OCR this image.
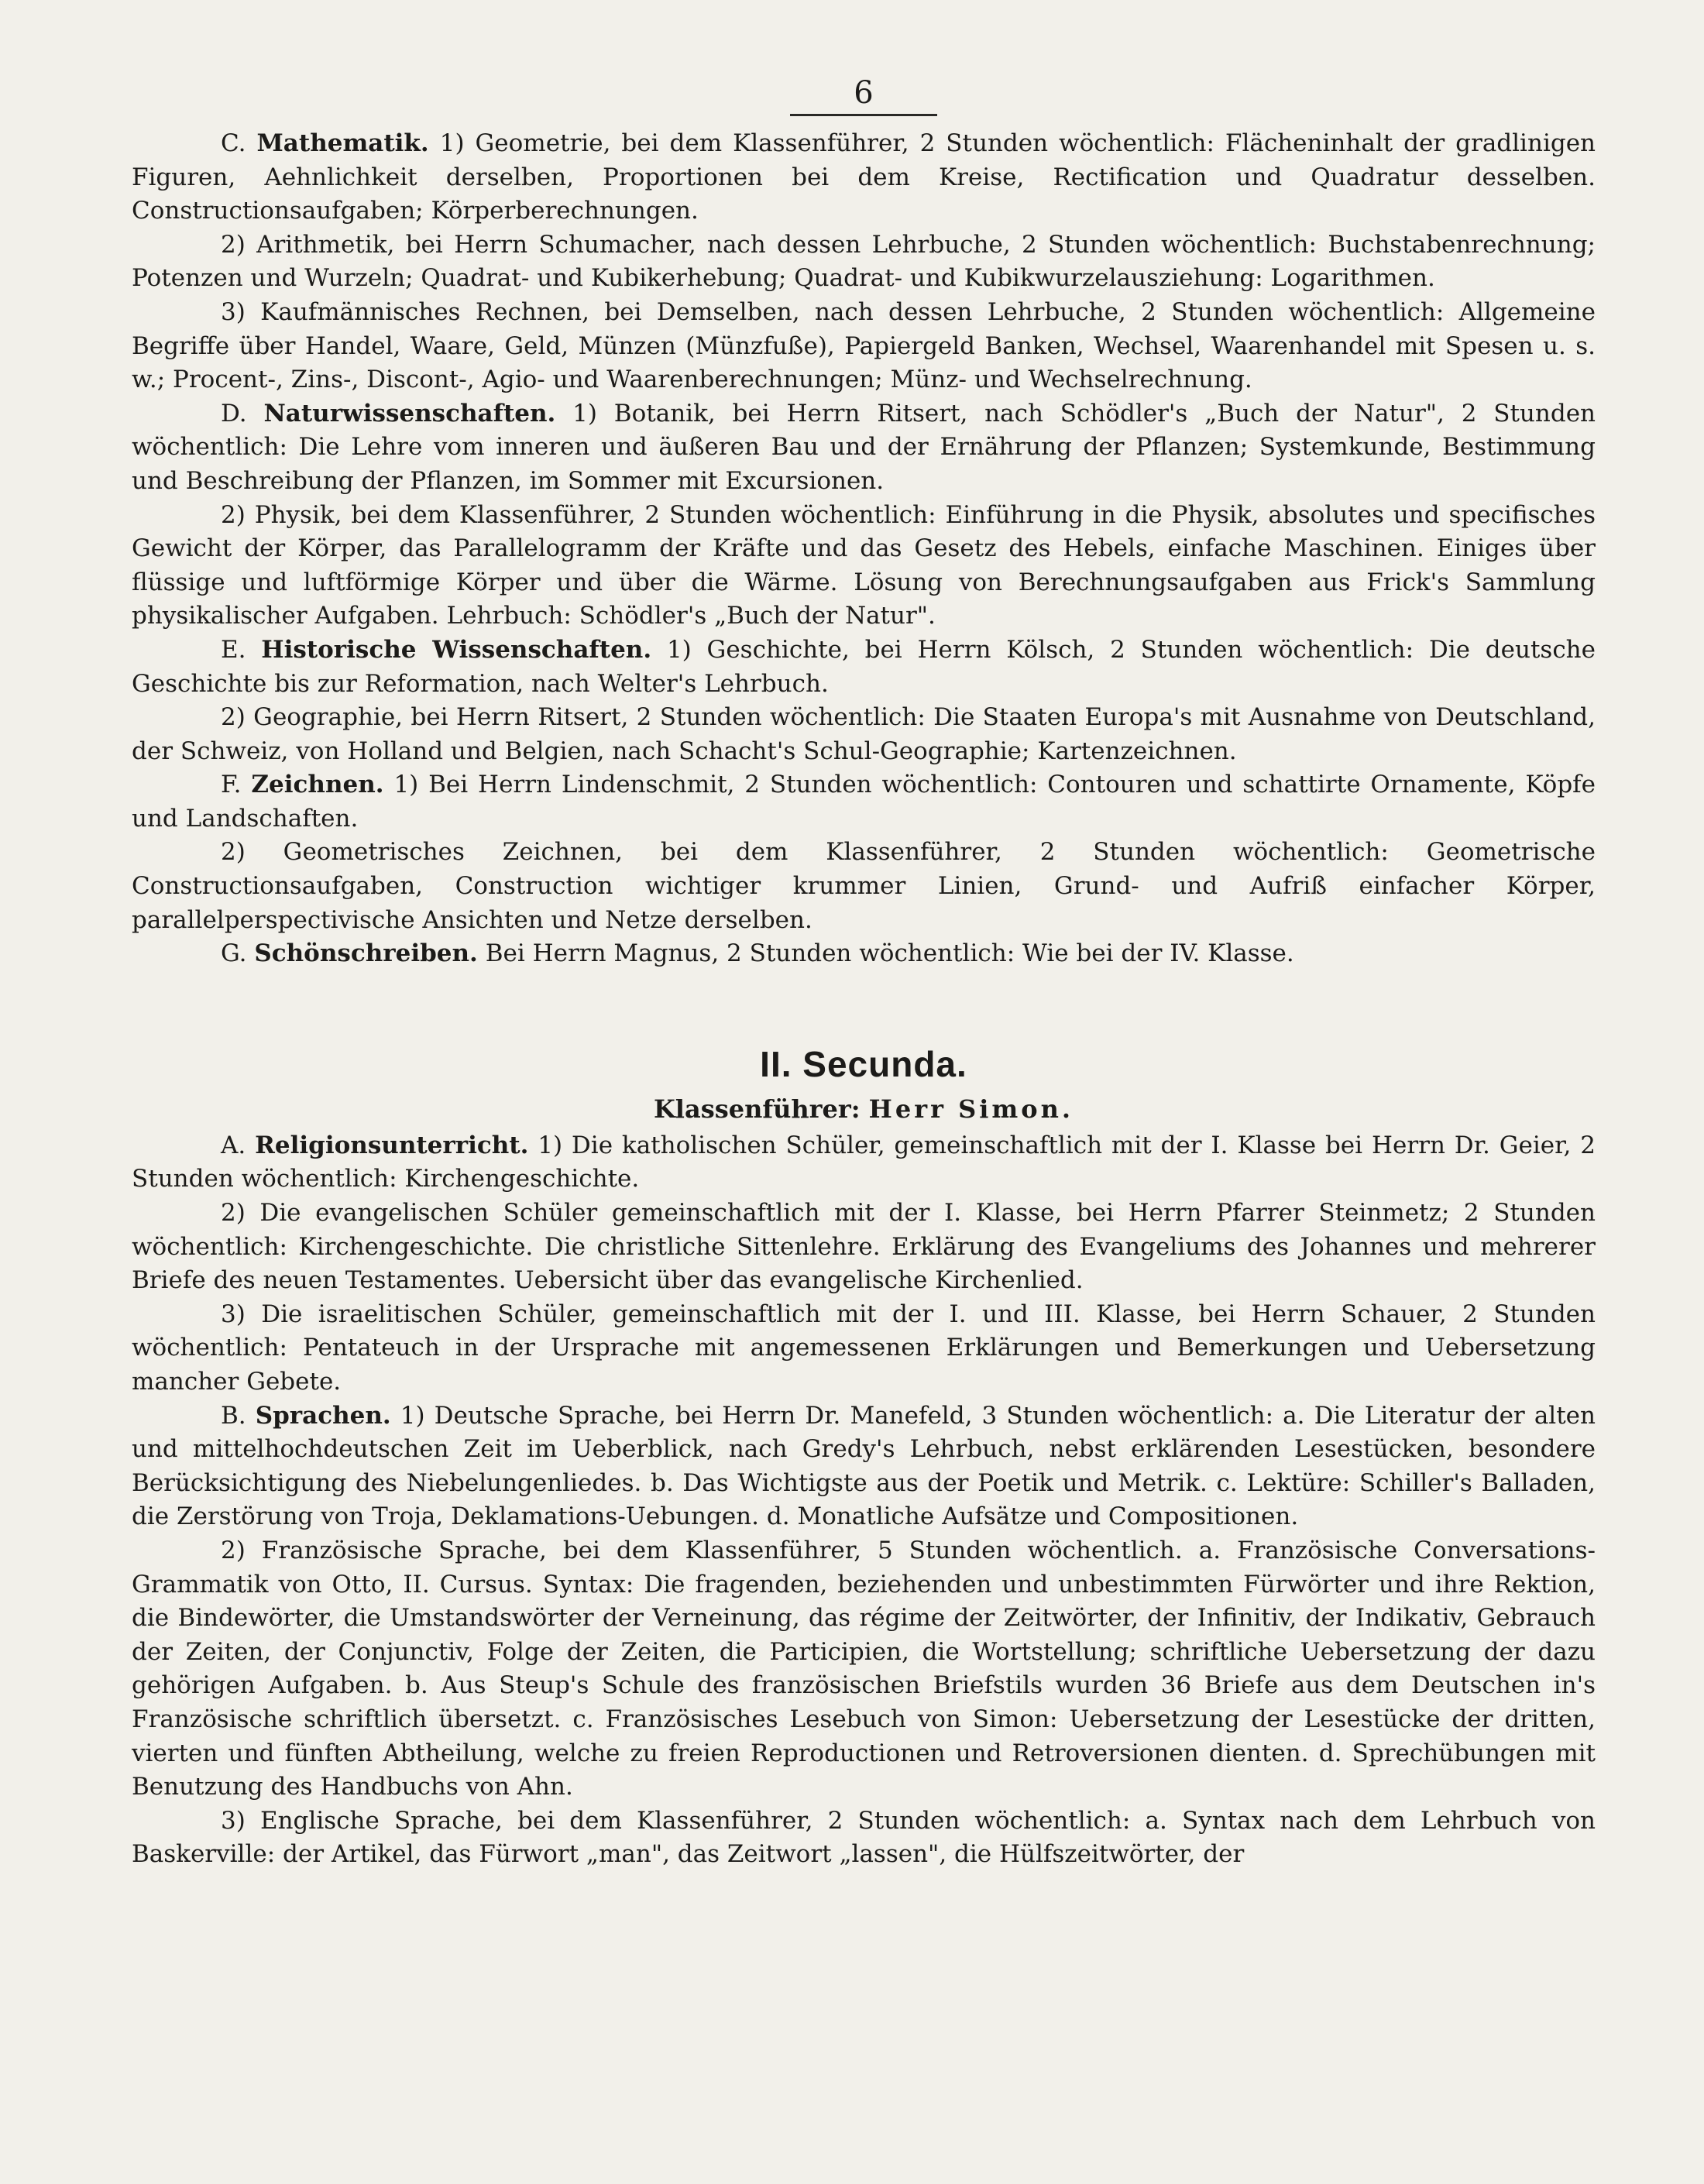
6

C. Mathematik. 1) Geometrie, bei dem Klassenführer, 2 Stunden wöchentlich: Flächeninhalt der gradlinigen Figuren, Aehnlichkeit derselben, Proportionen bei dem Kreise, Rectification und Quadratur desselben. Constructionsaufgaben; Körperberechnungen.

2) Arithmetik, bei Herrn Schumacher, nach dessen Lehrbuche, 2 Stunden wöchentlich: Buchstabenrechnung; Potenzen und Wurzeln; Quadrat- und Kubikerhebung; Quadrat- und Kubikwurzelausziehung: Logarithmen.

3) Kaufmännisches Rechnen, bei Demselben, nach dessen Lehrbuche, 2 Stunden wöchentlich: Allgemeine Begriffe über Handel, Waare, Geld, Münzen (Münzfuße), Papiergeld Banken, Wechsel, Waarenhandel mit Spesen u. s. w.; Procent-, Zins-, Discont-, Agio- und Waarenberechnungen; Münz- und Wechselrechnung.

D. Naturwissenschaften. 1) Botanik, bei Herrn Ritsert, nach Schödler's „Buch der Natur", 2 Stunden wöchentlich: Die Lehre vom inneren und äußeren Bau und der Ernährung der Pflanzen; Systemkunde, Bestimmung und Beschreibung der Pflanzen, im Sommer mit Excursionen.

2) Physik, bei dem Klassenführer, 2 Stunden wöchentlich: Einführung in die Physik, absolutes und specifisches Gewicht der Körper, das Parallelogramm der Kräfte und das Gesetz des Hebels, einfache Maschinen. Einiges über flüssige und luftförmige Körper und über die Wärme. Lösung von Berechnungsaufgaben aus Frick's Sammlung physikalischer Aufgaben. Lehrbuch: Schödler's „Buch der Natur".

E. Historische Wissenschaften. 1) Geschichte, bei Herrn Kölsch, 2 Stunden wöchentlich: Die deutsche Geschichte bis zur Reformation, nach Welter's Lehrbuch.

2) Geographie, bei Herrn Ritsert, 2 Stunden wöchentlich: Die Staaten Europa's mit Ausnahme von Deutschland, der Schweiz, von Holland und Belgien, nach Schacht's Schul-Geographie; Kartenzeichnen.

F. Zeichnen. 1) Bei Herrn Lindenschmit, 2 Stunden wöchentlich: Contouren und schattirte Ornamente, Köpfe und Landschaften.

2) Geometrisches Zeichnen, bei dem Klassenführer, 2 Stunden wöchentlich: Geometrische Constructionsaufgaben, Construction wichtiger krummer Linien, Grund- und Aufriß einfacher Körper, parallelperspectivische Ansichten und Netze derselben.

G. Schönschreiben. Bei Herrn Magnus, 2 Stunden wöchentlich: Wie bei der IV. Klasse.

II. Secunda.
Klassenführer: Herr Simon.

A. Religionsunterricht. 1) Die katholischen Schüler, gemeinschaftlich mit der I. Klasse bei Herrn Dr. Geier, 2 Stunden wöchentlich: Kirchengeschichte.

2) Die evangelischen Schüler gemeinschaftlich mit der I. Klasse, bei Herrn Pfarrer Steinmetz; 2 Stunden wöchentlich: Kirchengeschichte. Die christliche Sittenlehre. Erklärung des Evangeliums des Johannes und mehrerer Briefe des neuen Testamentes. Uebersicht über das evangelische Kirchenlied.

3) Die israelitischen Schüler, gemeinschaftlich mit der I. und III. Klasse, bei Herrn Schauer, 2 Stunden wöchentlich: Pentateuch in der Ursprache mit angemessenen Erklärungen und Bemerkungen und Uebersetzung mancher Gebete.

B. Sprachen. 1) Deutsche Sprache, bei Herrn Dr. Manefeld, 3 Stunden wöchentlich: a. Die Literatur der alten und mittelhochdeutschen Zeit im Ueberblick, nach Gredy's Lehrbuch, nebst erklärenden Lesestücken, besondere Berücksichtigung des Niebelungenliedes. b. Das Wichtigste aus der Poetik und Metrik. c. Lektüre: Schiller's Balladen, die Zerstörung von Troja, Deklamations-Uebungen. d. Monatliche Aufsätze und Compositionen.

2) Französische Sprache, bei dem Klassenführer, 5 Stunden wöchentlich. a. Französische Conversations-Grammatik von Otto, II. Cursus. Syntax: Die fragenden, beziehenden und unbestimmten Fürwörter und ihre Rektion, die Bindewörter, die Umstandswörter der Verneinung, das régime der Zeitwörter, der Infinitiv, der Indikativ, Gebrauch der Zeiten, der Conjunctiv, Folge der Zeiten, die Participien, die Wortstellung; schriftliche Uebersetzung der dazu gehörigen Aufgaben. b. Aus Steup's Schule des französischen Briefstils wurden 36 Briefe aus dem Deutschen in's Französische schriftlich übersetzt. c. Französisches Lesebuch von Simon: Uebersetzung der Lesestücke der dritten, vierten und fünften Abtheilung, welche zu freien Reproductionen und Retroversionen dienten. d. Sprechübungen mit Benutzung des Handbuchs von Ahn.

3) Englische Sprache, bei dem Klassenführer, 2 Stunden wöchentlich: a. Syntax nach dem Lehrbuch von Baskerville: der Artikel, das Fürwort „man", das Zeitwort „lassen", die Hülfszeitwörter, der
